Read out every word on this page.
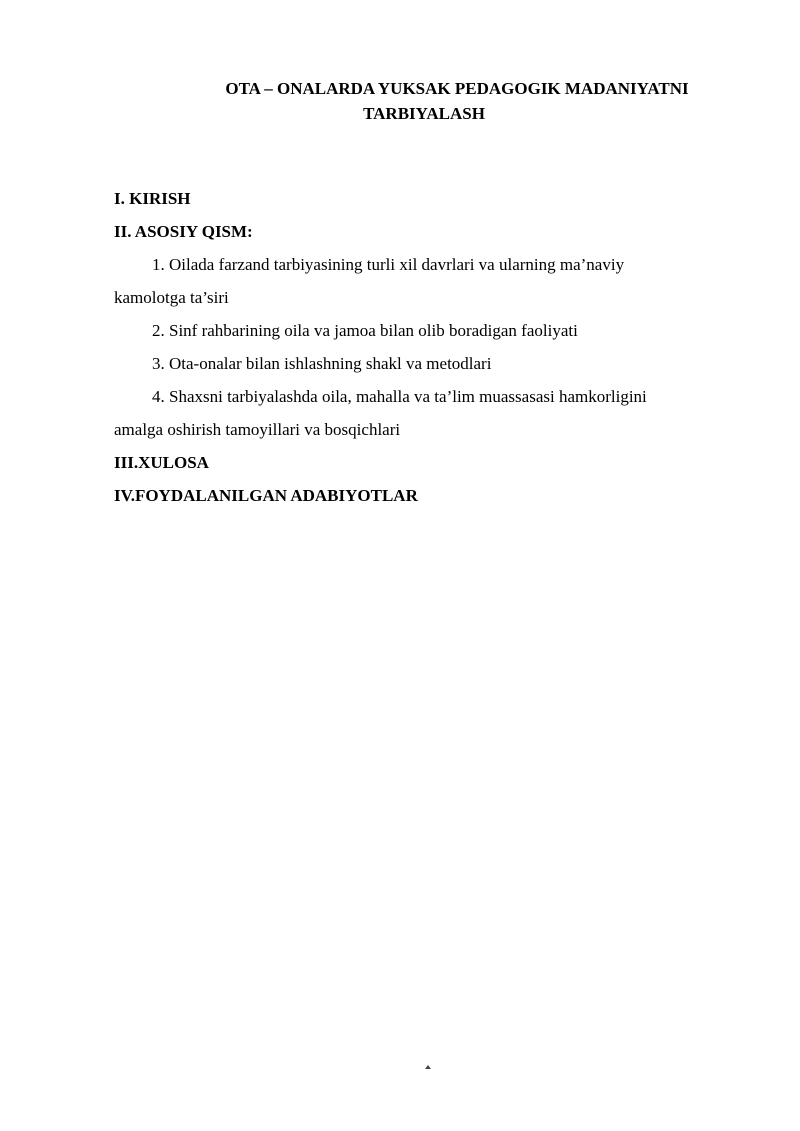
OTA – ONALARDA YUKSAK PEDAGOGIK MADANIYATNI
TARBIYALASH
I. KIRISH
II. ASOSIY QISM:
1. Oilada farzand tarbiyasining turli xil davrlari va ularning ma’naviy
kamolotga ta’siri
2. Sinf rahbarining oila va jamoa bilan olib boradigan faoliyati
3. Ota-onalar bilan ishlashning shakl va metodlari
4. Shaxsni tarbiyalashda oila, mahalla va ta’lim muassasasi hamkorligini
amalga oshirish tamoyillari va bosqichlari
III.XULOSA
IV.FOYDALANILGAN ADABIYOTLAR
